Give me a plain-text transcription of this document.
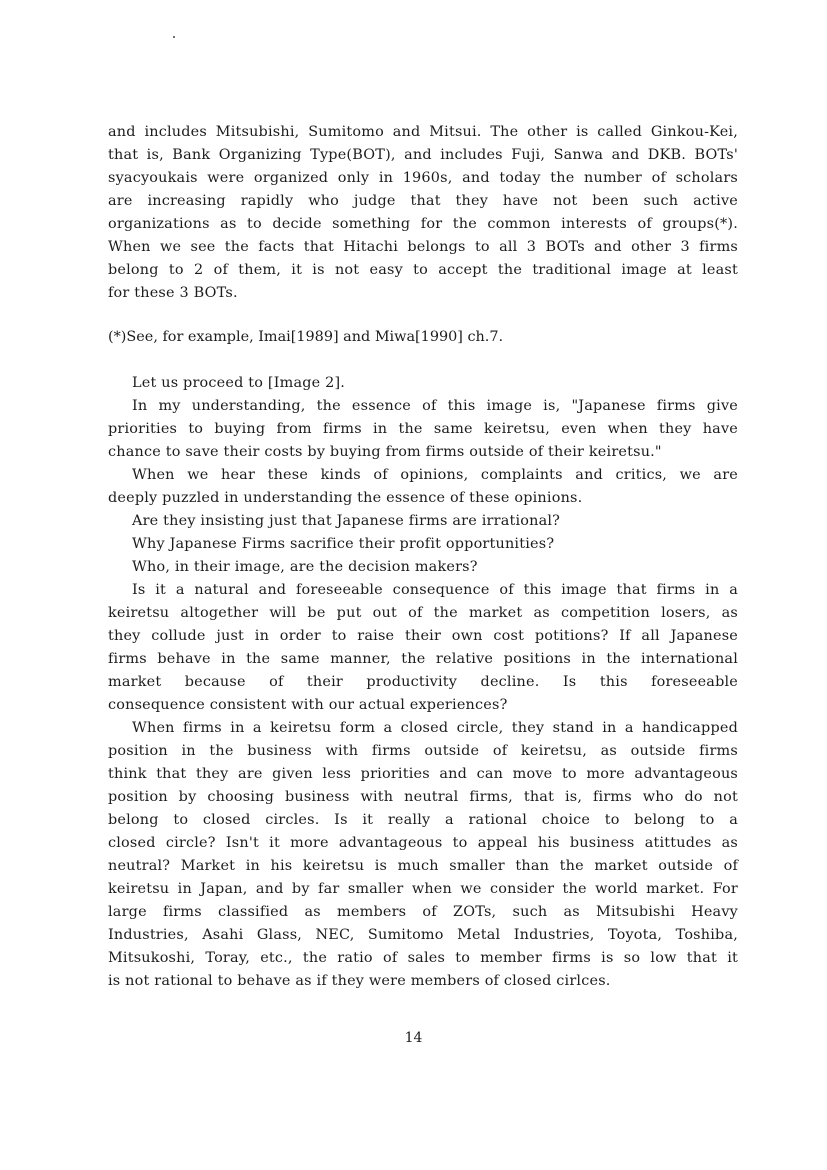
and includes Mitsubishi, Sumitomo and Mitsui. The other is called Ginkou-Kei,
that is, Bank Organizing Type(BOT), and includes Fuji, Sanwa and DKB. BOTs'
syacyoukais were organized only in 1960s, and today the number of scholars
are increasing rapidly who judge that they have not been such active
organizations as to decide something for the common interests of groups(*).
When we see the facts that Hitachi belongs to all 3 BOTs and other 3 firms
belong to 2 of them, it is not easy to accept the traditional image at least
for these 3 BOTs.
(*)See, for example, Imai[1989] and Miwa[1990] ch.7.
Let us proceed to [Image 2].
In my understanding, the essence of this image is, "Japanese firms give
priorities to buying from firms in the same keiretsu, even when they have
chance to save their costs by buying from firms outside of their keiretsu."
When we hear these kinds of opinions, complaints and critics, we are
deeply puzzled in understanding the essence of these opinions.
Are they insisting just that Japanese firms are irrational?
Why Japanese Firms sacrifice their profit opportunities?
Who, in their image, are the decision makers?
Is it a natural and foreseeable consequence of this image that firms in a
keiretsu altogether will be put out of the market as competition losers, as
they collude just in order to raise their own cost potitions? If all Japanese
firms behave in the same manner, the relative positions in the international
market because of their productivity decline. Is this foreseeable
consequence consistent with our actual experiences?
When firms in a keiretsu form a closed circle, they stand in a handicapped
position in the business with firms outside of keiretsu, as outside firms
think that they are given less priorities and can move to more advantageous
position by choosing business with neutral firms, that is, firms who do not
belong to closed circles. Is it really a rational choice to belong to a
closed circle? Isn't it more advantageous to appeal his business atittudes as
neutral? Market in his keiretsu is much smaller than the market outside of
keiretsu in Japan, and by far smaller when we consider the world market. For
large firms classified as members of ZOTs, such as Mitsubishi Heavy
Industries, Asahi Glass, NEC, Sumitomo Metal Industries, Toyota, Toshiba,
Mitsukoshi, Toray, etc., the ratio of sales to member firms is so low that it
is not rational to behave as if they were members of closed cirlces.
14
